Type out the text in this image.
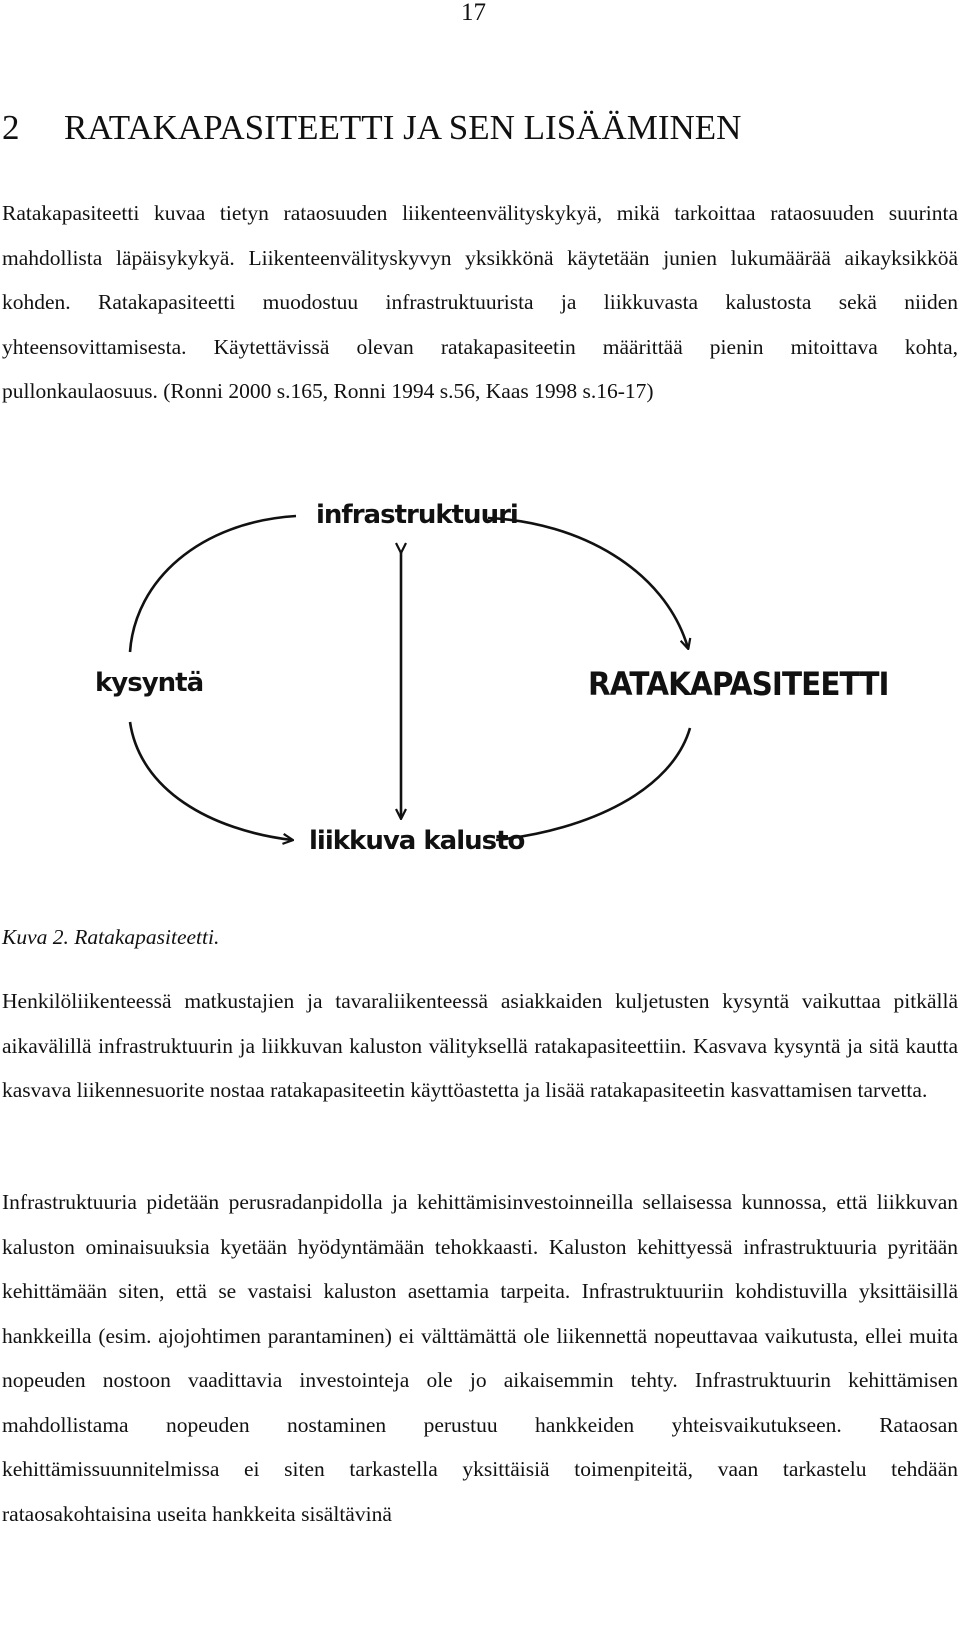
17
2 RATAKAPASITEETTI JA SEN LISÄÄMINEN

Ratakapasiteetti kuvaa tietyn rataosuuden liikenteenvälityskykyä, mikä tarkoittaa rataosuuden suurinta mahdollista läpäisykykyä. Liikenteenvälityskyvyn yksikkönä käytetään junien lukumäärää aikayksikköä kohden. Ratakapasiteetti muodostuu infrastruktuurista ja liikkuvasta kalustosta sekä niiden yhteensovittamisesta. Käytettävissä olevan ratakapasiteetin määrittää pienin mitoittava kohta, pullonkaulaosuus. (Ronni 2000 s.165, Ronni 1994 s.56, Kaas 1998 s.16-17)

infrastruktuuri
kysyntä	RATAKAPASITEETTI
liikkuva kalusto
Kuva 2. Ratakapasiteetti.

Henkilöliikenteessä matkustajien ja tavaraliikenteessä asiakkaiden kuljetusten kysyntä vaikuttaa pitkällä aikavälillä infrastruktuurin ja liikkuvan kaluston välityksellä ratakapasiteettiin. Kasvava kysyntä ja sitä kautta kasvava liikennesuorite nostaa ratakapasiteetin käyttöastetta ja lisää ratakapasiteetin kasvattamisen tarvetta.

Infrastruktuuria pidetään perusradanpidolla ja kehittämisinvestoinneilla sellaisessa kunnossa, että liikkuvan kaluston ominaisuuksia kyetään hyödyntämään tehokkaasti. Kaluston kehittyessä infrastruktuuria pyritään kehittämään siten, että se vastaisi kaluston asettamia tarpeita. Infrastruktuuriin kohdistuvilla yksittäisillä hankkeilla (esim. ajojohtimen parantaminen) ei välttämättä ole liikennettä nopeuttavaa vaikutusta, ellei muita nopeuden nostoon vaadittavia investointeja ole jo aikaisemmin tehty. Infrastruktuurin kehittämisen mahdollistama nopeuden nostaminen perustuu hankkeiden yhteisvaikutukseen. Rataosan kehittämissuunnitelmissa ei siten tarkastella yksittäisiä toimenpiteitä, vaan tarkastelu tehdään rataosakohtaisina useita hankkeita sisältävinä
